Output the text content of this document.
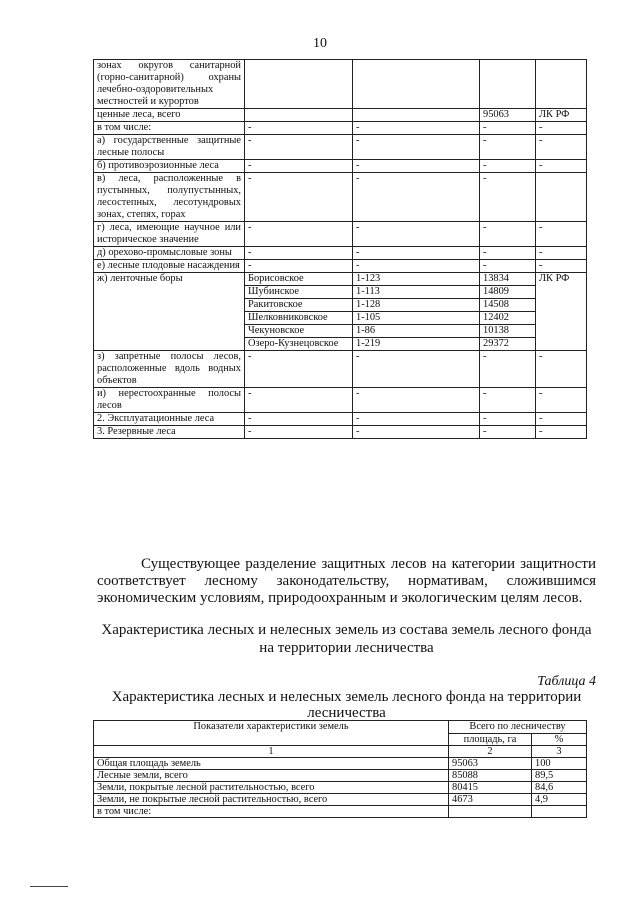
10
зонах округов санитарной (горно-санитарной) охраны лечебно-оздоровительных местностей и курортов				
ценные леса, всего			95063	ЛК РФ
в том числе:	-	-	-	-
а) государственные защитные лесные полосы	-	-	-	-
б) противоэрозионные леса	-	-	-	-
в) леса, расположенные в пустынных, полупустынных, лесостепных, лесотундровых зонах, степях, горах	-	-	-	
г) леса, имеющие научное или историческое значение	-	-	-	-
д) орехово-промысловые зоны	-	-	-	-
е) лесные плодовые насаждения	-	-	-	-
ж) ленточные боры	Борисовское	1-123	13834	ЛК РФ
	Шубинское	1-113	14809	
	Ракитовское	1-128	14508	
	Шелковниковское	1-105	12402	
	Чекуновское	1-86	10138	
	Озеро-Кузнецовское	1-219	29372	
з) запретные полосы лесов, расположенные вдоль водных объектов	-	-	-	-
и) нерестоохранные полосы лесов	-	-	-	-
2. Эксплуатационные леса	-	-	-	-
3. Резервные леса	-	-	-	-

Существующее разделение защитных лесов на категории защитности соответствует лесному законодательству, нормативам, сложившимся экономическим условиям, природоохранным и экологическим целям лесов.

Характеристика лесных и нелесных земель из состава земель лесного фонда на территории лесничества
Таблица 4
Характеристика лесных и нелесных земель лесного фонда на территории лесничества
Показатели характеристики земель	Всего по лесничеству	
	площадь, га	%
1	2	3
Общая площадь земель	95063	100
Лесные земли, всего	85088	89,5
Земли, покрытые лесной растительностью, всего	80415	84,6
Земли, не покрытые лесной растительностью, всего	4673	4,9
в том числе:		
